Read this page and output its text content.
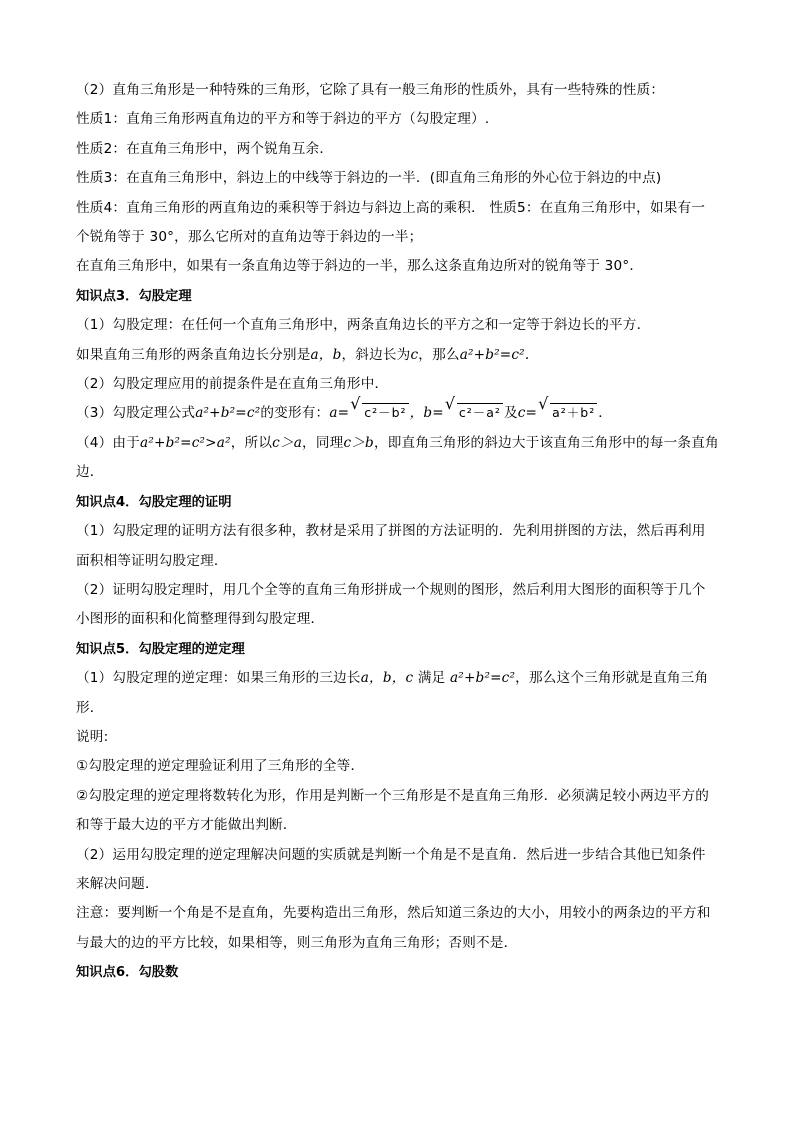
（2）直角三角形是一种特殊的三角形，它除了具有一般三角形的性质外，具有一些特殊的性质：
性质1：直角三角形两直角边的平方和等于斜边的平方（勾股定理）.
性质2：在直角三角形中，两个锐角互余．
性质3：在直角三角形中，斜边上的中线等于斜边的一半．(即直角三角形的外心位于斜边的中点)
性质4：直角三角形的两直角边的乘积等于斜边与斜边上高的乘积． 性质5：在直角三角形中，如果有一
个锐角等于 30°，那么它所对的直角边等于斜边的一半；
在直角三角形中，如果有一条直角边等于斜边的一半，那么这条直角边所对的锐角等于 30°．
知识点3．勾股定理
（1）勾股定理：在任何一个直角三角形中，两条直角边长的平方之和一定等于斜边长的平方．
如果直角三角形的两条直角边长分别是a，b，斜边长为c，那么a²+b²=c².
（2）勾股定理应用的前提条件是在直角三角形中．
（3）勾股定理公式a²+b²=c²的变形有：a= √ c²－b² ，b= √ c²－a² 及c= √ a²＋b² ．
（4）由于a²+b²=c²>a²，所以c＞a，同理c＞b，即直角三角形的斜边大于该直角三角形中的每一条直角
边．
知识点4．勾股定理的证明
（1）勾股定理的证明方法有很多种，教材是采用了拼图的方法证明的．先利用拼图的方法，然后再利用
面积相等证明勾股定理．
（2）证明勾股定理时，用几个全等的直角三角形拼成一个规则的图形，然后利用大图形的面积等于几个
小图形的面积和化简整理得到勾股定理．
知识点5．勾股定理的逆定理
（1）勾股定理的逆定理：如果三角形的三边长a，b，c 满足 a²+b²=c²，那么这个三角形就是直角三角
形．
说明:
①勾股定理的逆定理验证利用了三角形的全等．
②勾股定理的逆定理将数转化为形，作用是判断一个三角形是不是直角三角形．必须满足较小两边平方的
和等于最大边的平方才能做出判断．
（2）运用勾股定理的逆定理解决问题的实质就是判断一个角是不是直角．然后进一步结合其他已知条件
来解决问题．
注意：要判断一个角是不是直角，先要构造出三角形，然后知道三条边的大小，用较小的两条边的平方和
与最大的边的平方比较，如果相等，则三角形为直角三角形；否则不是．
知识点6．勾股数
